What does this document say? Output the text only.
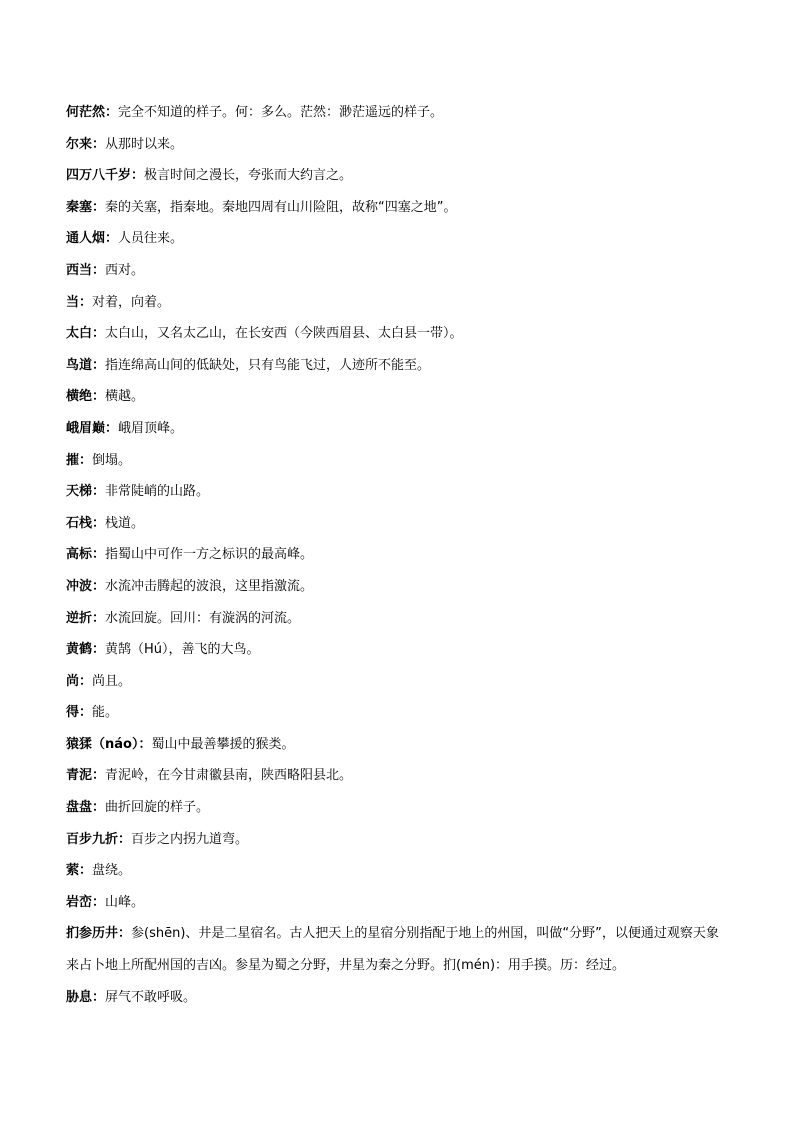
何茫然：完全不知道的样子。何：多么。茫然：渺茫遥远的样子。
尔来：从那时以来。
四万八千岁：极言时间之漫长，夸张而大约言之。
秦塞：秦的关塞，指秦地。秦地四周有山川险阻，故称“四塞之地”。
通人烟：人员往来。
西当：西对。
当：对着，向着。
太白：太白山，又名太乙山，在长安西（今陕西眉县、太白县一带）。
鸟道：指连绵高山间的低缺处，只有鸟能飞过，人迹所不能至。
横绝：横越。
峨眉巅：峨眉顶峰。
摧：倒塌。
天梯：非常陡峭的山路。
石栈：栈道。
高标：指蜀山中可作一方之标识的最高峰。
冲波：水流冲击腾起的波浪，这里指激流。
逆折：水流回旋。回川：有漩涡的河流。
黄鹤：黄鹄（Hú），善飞的大鸟。
尚：尚且。
得：能。
猿猱（náo）：蜀山中最善攀援的猴类。
青泥：青泥岭，在今甘肃徽县南，陕西略阳县北。
盘盘：曲折回旋的样子。
百步九折：百步之内拐九道弯。
萦：盘绕。
岩峦：山峰。
扪参历井：参(shēn)、井是二星宿名。古人把天上的星宿分别指配于地上的州国，叫做“分野”，以便通过观察天象来占卜地上所配州国的吉凶。参星为蜀之分野，井星为秦之分野。扪(mén)：用手摸。历：经过。
胁息：屏气不敢呼吸。
